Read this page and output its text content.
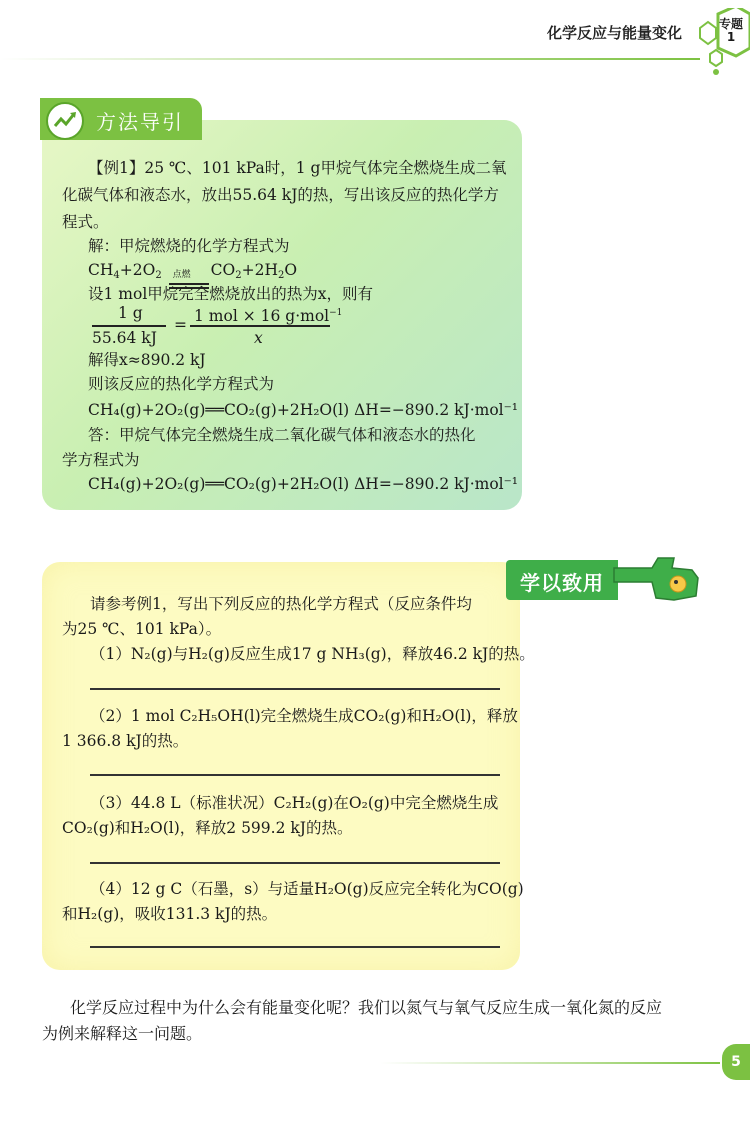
化学反应与能量变化	专题
1
方法导引
【例1】25 ℃、101 kPa时，1 g甲烷气体完全燃烧生成二氧
化碳气体和液态水，放出55.64 kJ的热，写出该反应的热化学方
程式。
解：甲烷燃烧的化学方程式为
$CH_4+2O_2$ 点燃 $CO_2+2H_2O$
设1 mol甲烷完全燃烧放出的热为x，则有
1 g
55.64 kJ
= 1 mol × 16 g·mol$^{-1}$
x
解得x≈890.2 kJ
则该反应的热化学方程式为
CH₄(g)+2O₂(g)══CO₂(g)+2H₂O(l) ΔH=−890.2 kJ·mol⁻¹
答：甲烷气体完全燃烧生成二氧化碳气体和液态水的热化
学方程式为
CH₄(g)+2O₂(g)══CO₂(g)+2H₂O(l) ΔH=−890.2 kJ·mol⁻¹
学以致用
请参考例1，写出下列反应的热化学方程式（反应条件均
为25 ℃、101 kPa）。
（1）N₂(g)与H₂(g)反应生成17 g NH₃(g)，释放46.2 kJ的热。
（2）1 mol C₂H₅OH(l)完全燃烧生成CO₂(g)和H₂O(l)，释放
1 366.8 kJ的热。
（3）44.8 L（标准状况）C₂H₂(g)在O₂(g)中完全燃烧生成
CO₂(g)和H₂O(l)，释放2 599.2 kJ的热。
（4）12 g C（石墨，s）与适量H₂O(g)反应完全转化为CO(g)
和H₂(g)，吸收131.3 kJ的热。
化学反应过程中为什么会有能量变化呢？我们以氮气与氧气反应生成一氧化氮的反应
为例来解释这一问题。
5
